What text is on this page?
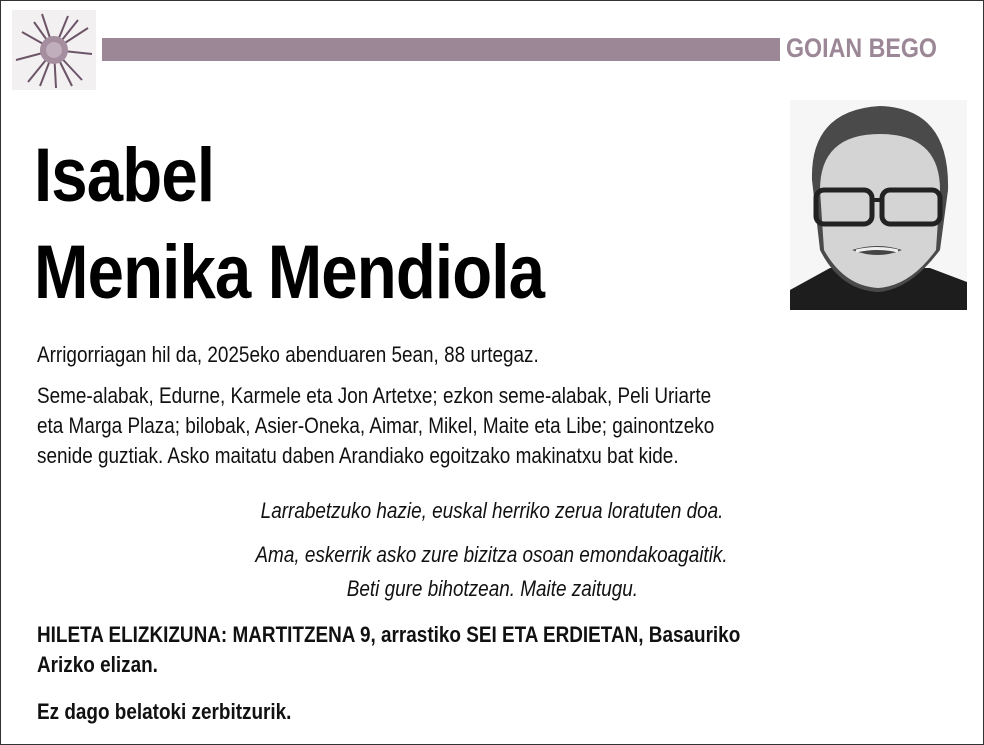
GOIAN BEGO
Isabel
Menika Mendiola
Arrigorriagan hil da, 2025eko abenduaren 5ean, 88 urtegaz.
Seme-alabak, Edurne, Karmele eta Jon Artetxe; ezkon seme-alabak, Peli Uriarte
eta Marga Plaza; bilobak, Asier-Oneka, Aimar, Mikel, Maite eta Libe; gainontzeko
senide guztiak. Asko maitatu daben Arandiako egoitzako makinatxu bat kide.
Larrabetzuko hazie, euskal herriko zerua loratuten doa.
Ama, eskerrik asko zure bizitza osoan emondakoagaitik.
Beti gure bihotzean. Maite zaitugu.
HILETA ELIZKIZUNA: MARTITZENA 9, arrastiko SEI ETA ERDIETAN, Basauriko
Arizko elizan.
Ez dago belatoki zerbitzurik.
